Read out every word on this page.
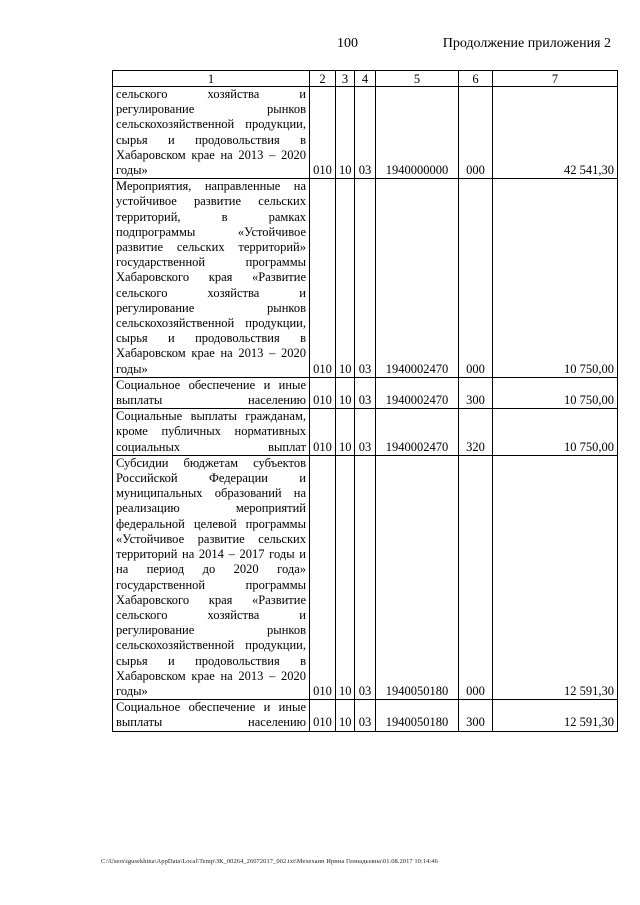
100	Продолжение приложения 2
1	2	3	4	5	6	7
сельского хозяйства и регулирование рынков сельскохозяйственной продукции, сырья и продовольствия в Хабаровском крае на 2013 – 2020 годы»	010	10	03	1940000000	000	42 541,30
Мероприятия, направленные на устойчивое развитие сельских территорий, в рамках подпрограммы «Устойчивое развитие сельских территорий» государственной программы Хабаровского края «Развитие сельского хозяйства и регулирование рынков сельскохозяйственной продукции, сырья и продовольствия в Хабаровском крае на 2013 – 2020 годы»	010	10	03	1940002470	000	10 750,00
Социальное обеспечение и иные выплаты населению	010	10	03	1940002470	300	10 750,00
Социальные выплаты гражданам, кроме публичных нормативных социальных выплат	010	10	03	1940002470	320	10 750,00
Субсидии бюджетам субъектов Российской Федерации и муниципальных образований на реализацию мероприятий федеральной целевой программы «Устойчивое развитие сельских территорий на 2014 – 2017 годы и на период до 2020 года» государственной программы Хабаровского края «Развитие сельского хозяйства и регулирование рынков сельскохозяйственной продукции, сырья и продовольствия в Хабаровском крае на 2013 – 2020 годы»	010	10	03	1940050180	000	12 591,30
Социальное обеспечение и иные выплаты населению	010	10	03	1940050180	300	12 591,30
C:\Users\igusekhina\AppData\Local\Temp\ЗК_00264_26072017_002.txt\Мехеханн Ирина Геннадьевна\01.08.2017 10:14:46
